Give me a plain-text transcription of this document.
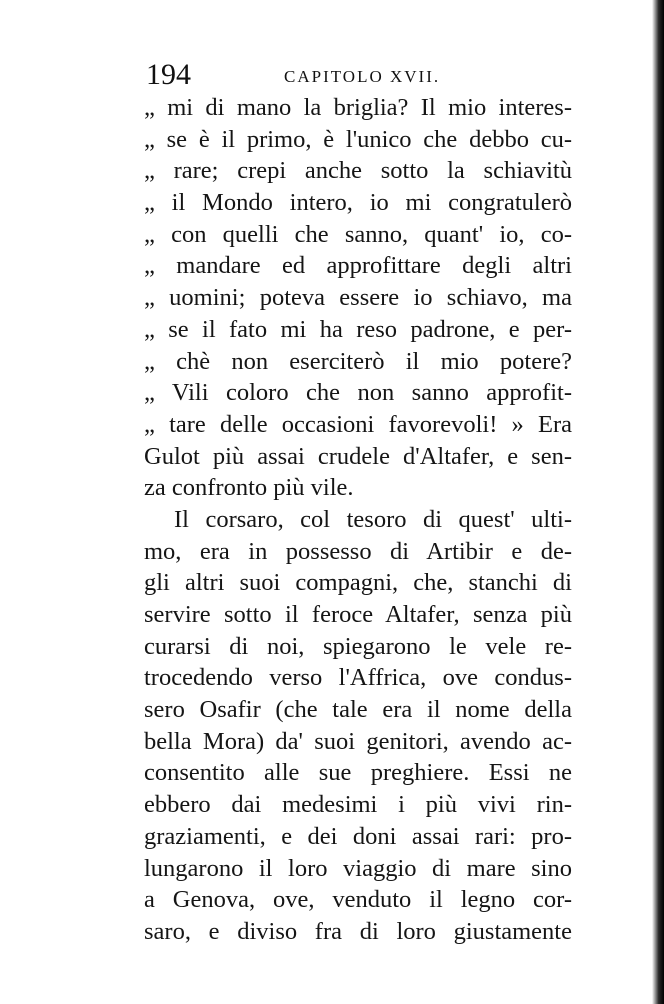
194	CAPITOLO XVII.
„ mi di mano la briglia? Il mio interes-
„ se è il primo, è l'unico che debbo cu-
„ rare; crepi anche sotto la schiavitù
„ il Mondo intero, io mi congratulerò
„ con quelli che sanno, quant' io, co-
„ mandare ed approfittare degli altri
„ uomini; poteva essere io schiavo, ma
„ se il fato mi ha reso padrone, e per-
„ chè non eserciterò il mio potere?
„ Vili coloro che non sanno approfit-
„ tare delle occasioni favorevoli! » Era
Gulot più assai crudele d'Altafer, e sen-
za confronto più vile.
Il corsaro, col tesoro di quest' ulti-
mo, era in possesso di Artibir e de-
gli altri suoi compagni, che, stanchi di
servire sotto il feroce Altafer, senza più
curarsi di noi, spiegarono le vele re-
trocedendo verso l'Affrica, ove condus-
sero Osafir (che tale era il nome della
bella Mora) da' suoi genitori, avendo ac-
consentito alle sue preghiere. Essi ne
ebbero dai medesimi i più vivi rin-
graziamenti, e dei doni assai rari: pro-
lungarono il loro viaggio di mare sino
a Genova, ove, venduto il legno cor-
saro, e diviso fra di loro giustamente
